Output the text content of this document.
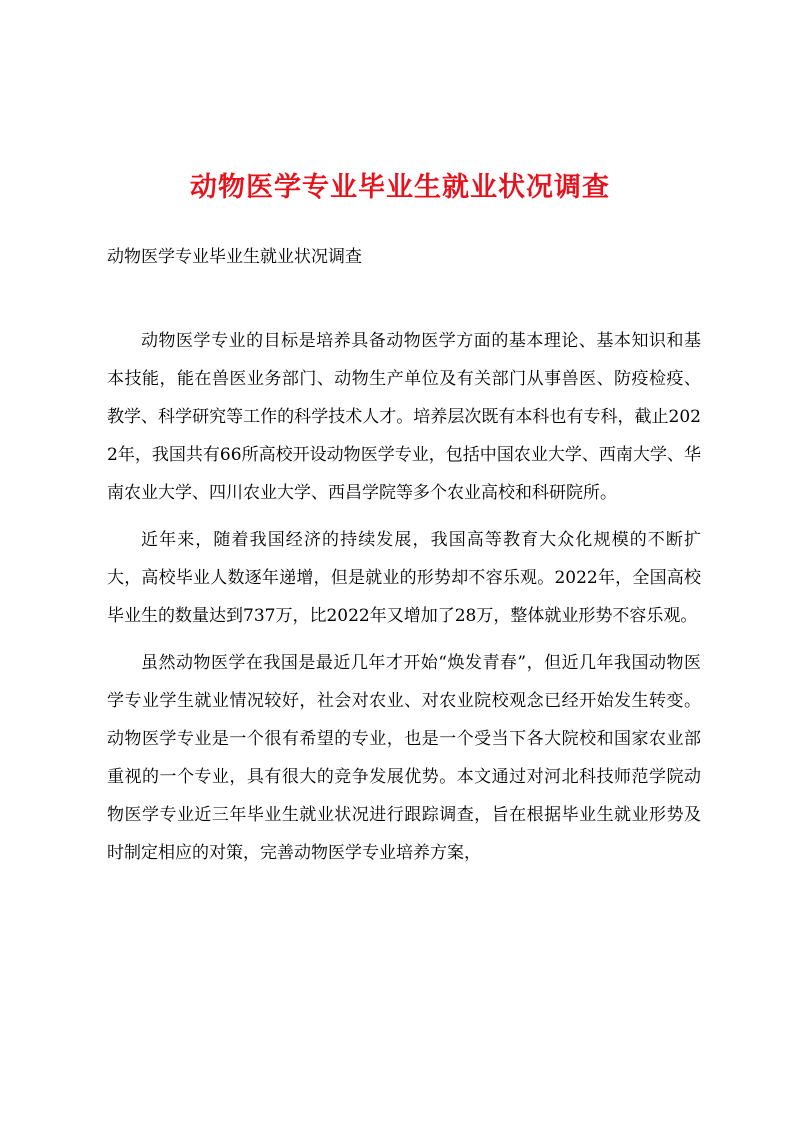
动物医学专业毕业生就业状况调查

动物医学专业毕业生就业状况调查

动物医学专业的目标是培养具备动物医学方面的基本理论、基本知识和基本技能，能在兽医业务部门、动物生产单位及有关部门从事兽医、防疫检疫、教学、科学研究等工作的科学技术人才。培养层次既有本科也有专科，截止2022年，我国共有66所高校开设动物医学专业，包括中国农业大学、西南大学、华南农业大学、四川农业大学、西昌学院等多个农业高校和科研院所。

近年来，随着我国经济的持续发展，我国高等教育大众化规模的不断扩大，高校毕业人数逐年递增，但是就业的形势却不容乐观。2022年，全国高校毕业生的数量达到737万，比2022年又增加了28万，整体就业形势不容乐观。

虽然动物医学在我国是最近几年才开始“焕发青春”，但近几年我国动物医学专业学生就业情况较好，社会对农业、对农业院校观念已经开始发生转变。动物医学专业是一个很有希望的专业，也是一个受当下各大院校和国家农业部重视的一个专业，具有很大的竞争发展优势。本文通过对河北科技师范学院动物医学专业近三年毕业生就业状况进行跟踪调查，旨在根据毕业生就业形势及时制定相应的对策，完善动物医学专业培养方案，
